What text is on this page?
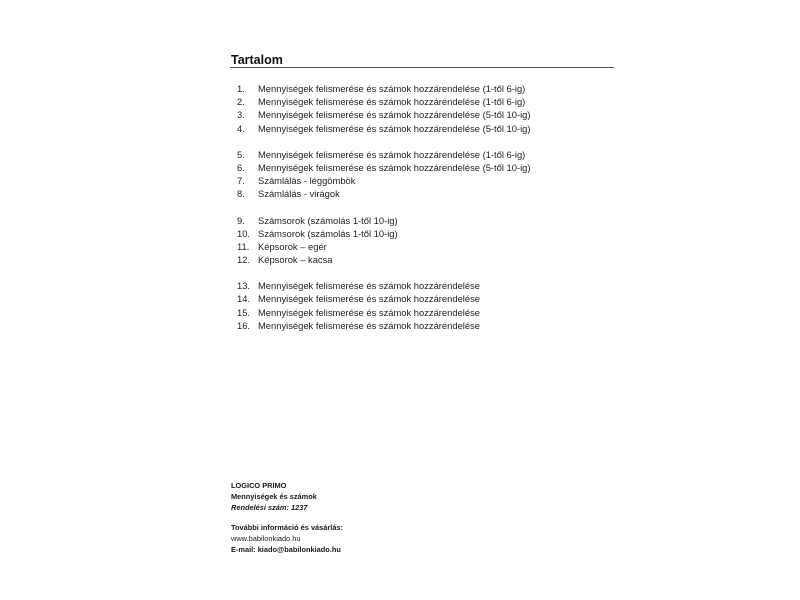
Tartalom
1.	Mennyiségek felismerése és számok hozzárendelése (1-től 6-ig)
2.	Mennyiségek felismerése és számok hozzárendelése (1-től 6-ig)
3.	Mennyiségek felismerése és számok hozzárendelése (5-től 10-ig)
4.	Mennyiségek felismerése és számok hozzárendelése (5-től 10-ig)
5.	Mennyiségek felismerése és számok hozzárendelése (1-től 6-ig)
6.	Mennyiségek felismerése és számok hozzárendelése (5-től 10-ig)
7.	Számlálás - léggömbök
8.	Számlálás - virágok
9.	Számsorok (számolás 1-től 10-ig)
10. Számsorok (számolás 1-től 10-ig)
11. Képsorok – egér
12. Képsorok – kacsa
13. Mennyiségek felismerése és számok hozzárendelése
14. Mennyiségek felismerése és számok hozzárendelése
15. Mennyiségek felismerése és számok hozzárendelése
16. Mennyiségek felismerése és számok hozzárendelése
LOGICO PRIMO
Mennyiségek és számok
Rendelési szám: 1237
További információ és vásárlás:
www.babilonkiado.hu
E-mail: kiado@babilonkiado.hu
